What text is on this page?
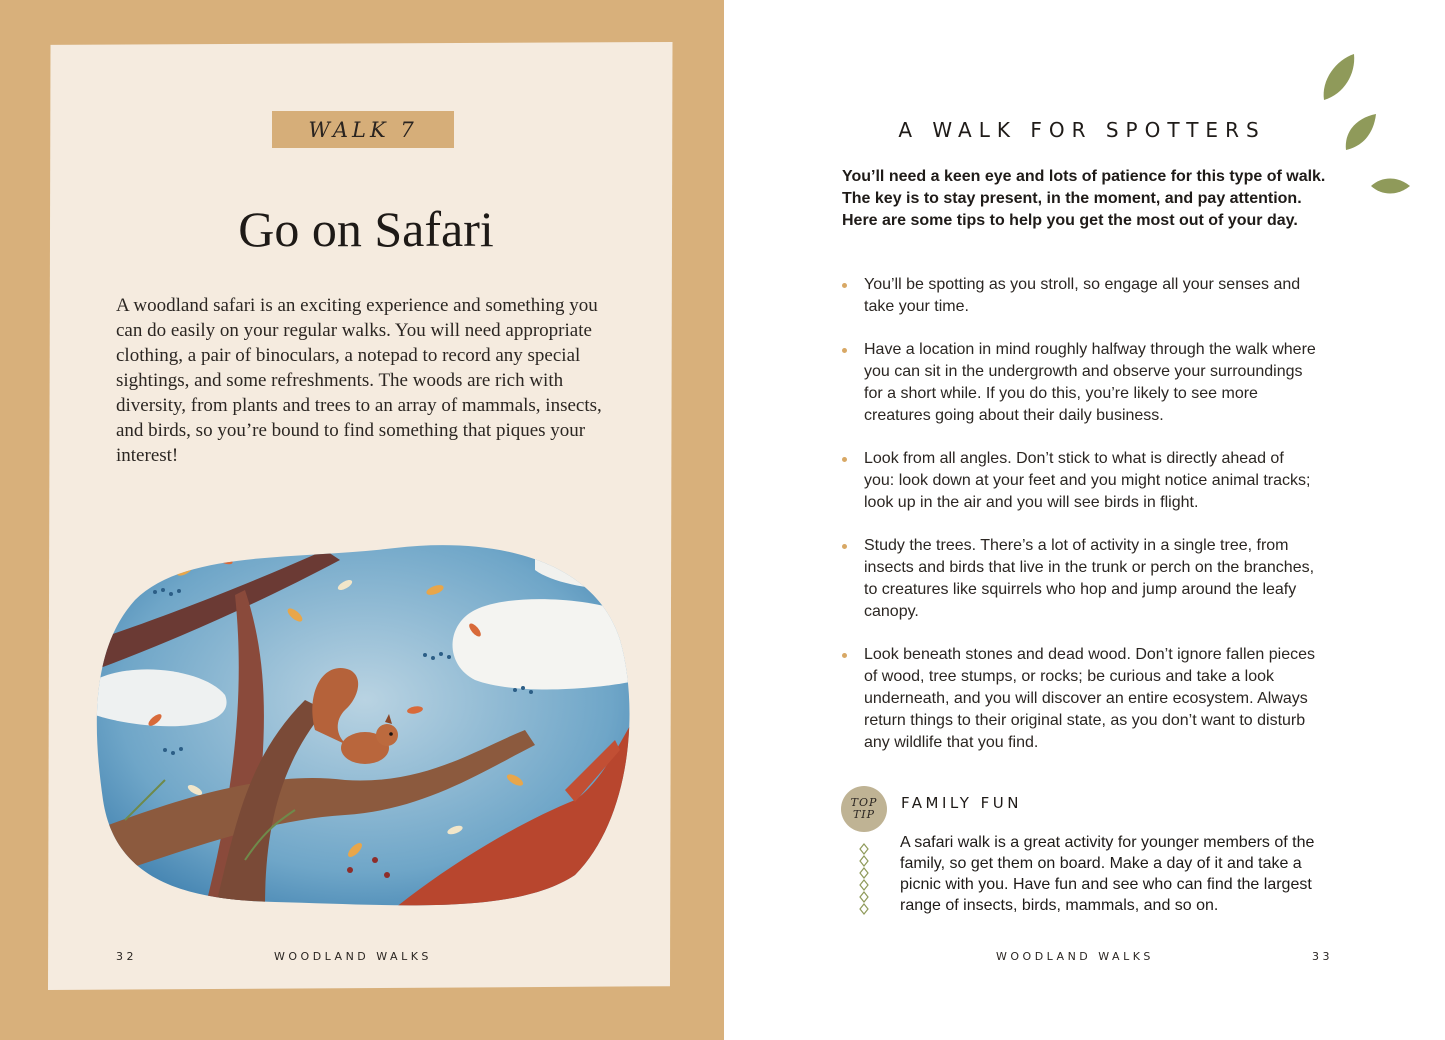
WALK 7
Go on Safari
A woodland safari is an exciting experience and something you can do easily on your regular walks. You will need appropriate clothing, a pair of binoculars, a notepad to record any special sightings, and some refreshments. The woods are rich with diversity, from plants and trees to an array of mammals, insects, and birds, so you’re bound to find something that piques your interest!
32	WOODLAND WALKS
A WALK FOR SPOTTERS
You’ll need a keen eye and lots of patience for this type of walk. The key is to stay present, in the moment, and pay attention. Here are some tips to help you get the most out of your day.
You’ll be spotting as you stroll, so engage all your senses and take your time.
Have a location in mind roughly halfway through the walk where you can sit in the undergrowth and observe your surroundings for a short while. If you do this, you’re likely to see more creatures going about their daily business.
Look from all angles. Don’t stick to what is directly ahead of you: look down at your feet and you might notice animal tracks; look up in the air and you will see birds in flight.
Study the trees. There’s a lot of activity in a single tree, from insects and birds that live in the trunk or perch on the branches, to creatures like squirrels who hop and jump around the leafy canopy.
Look beneath stones and dead wood. Don’t ignore fallen pieces of wood, tree stumps, or rocks; be curious and take a look underneath, and you will discover an entire ecosystem. Always return things to their original state, as you don’t want to disturb any wildlife that you find.
TOP
TIP
FAMILY FUN
A safari walk is a great activity for younger members of the family, so get them on board. Make a day of it and take a picnic with you. Have fun and see who can find the largest range of insects, birds, mammals, and so on.
WOODLAND WALKS	33
